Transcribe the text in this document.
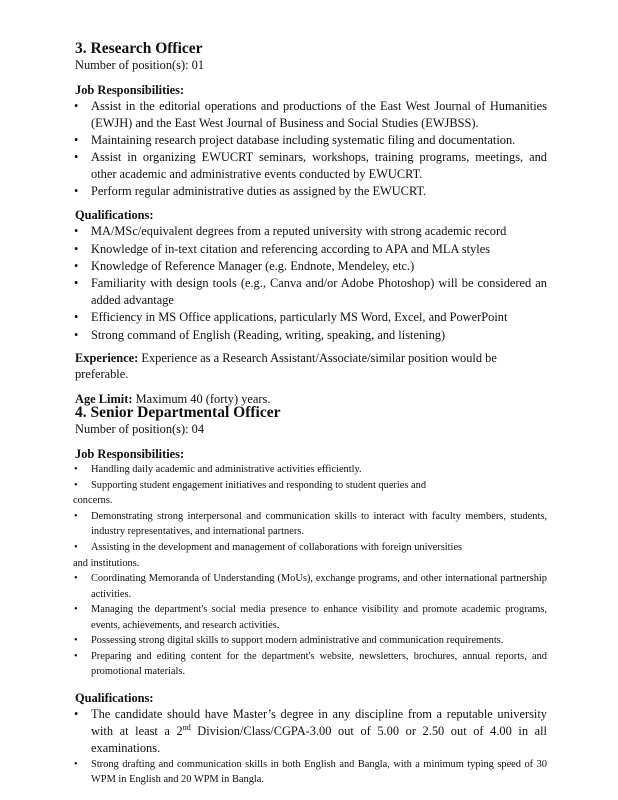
3. Research Officer

Number of position(s): 01

Job Responsibilities:

• Assist in the editorial operations and productions of the East West Journal of Humanities (EWJH) and the East West Journal of Business and Social Studies (EWJBSS).
• Maintaining research project database including systematic filing and documentation.
• Assist in organizing EWUCRT seminars, workshops, training programs, meetings, and other academic and administrative events conducted by EWUCRT.
• Perform regular administrative duties as assigned by the EWUCRT.

Qualifications:

• MA/MSc/equivalent degrees from a reputed university with strong academic record
• Knowledge of in-text citation and referencing according to APA and MLA styles
• Knowledge of Reference Manager (e.g. Endnote, Mendeley, etc.)
• Familiarity with design tools (e.g., Canva and/or Adobe Photoshop) will be considered an added advantage
• Efficiency in MS Office applications, particularly MS Word, Excel, and PowerPoint
• Strong command of English (Reading, writing, speaking, and listening)

Experience: Experience as a Research Assistant/Associate/similar position would be preferable.

Age Limit: Maximum 40 (forty) years.

4. Senior Departmental Officer

Number of position(s): 04

Job Responsibilities:

• Handling daily academic and administrative activities efficiently.
• Supporting student engagement initiatives and responding to student queries and

concerns.

• Demonstrating strong interpersonal and communication skills to interact with faculty members, students, industry representatives, and international partners.
• Assisting in the development and management of collaborations with foreign universities

and institutions.

• Coordinating Memoranda of Understanding (MoUs), exchange programs, and other international partnership activities.
• Managing the department's social media presence to enhance visibility and promote academic programs, events, achievements, and research activities.
• Possessing strong digital skills to support modern administrative and communication requirements.
• Preparing and editing content for the department's website, newsletters, brochures, annual reports, and promotional materials.

Qualifications:

• The candidate should have Master’s degree in any discipline from a reputable university with at least a 2nd Division/Class/CGPA-3.00 out of 5.00 or 2.50 out of 4.00 in all examinations.
• Strong drafting and communication skills in both English and Bangla, with a minimum typing speed of 30 WPM in English and 20 WPM in Bangla.
